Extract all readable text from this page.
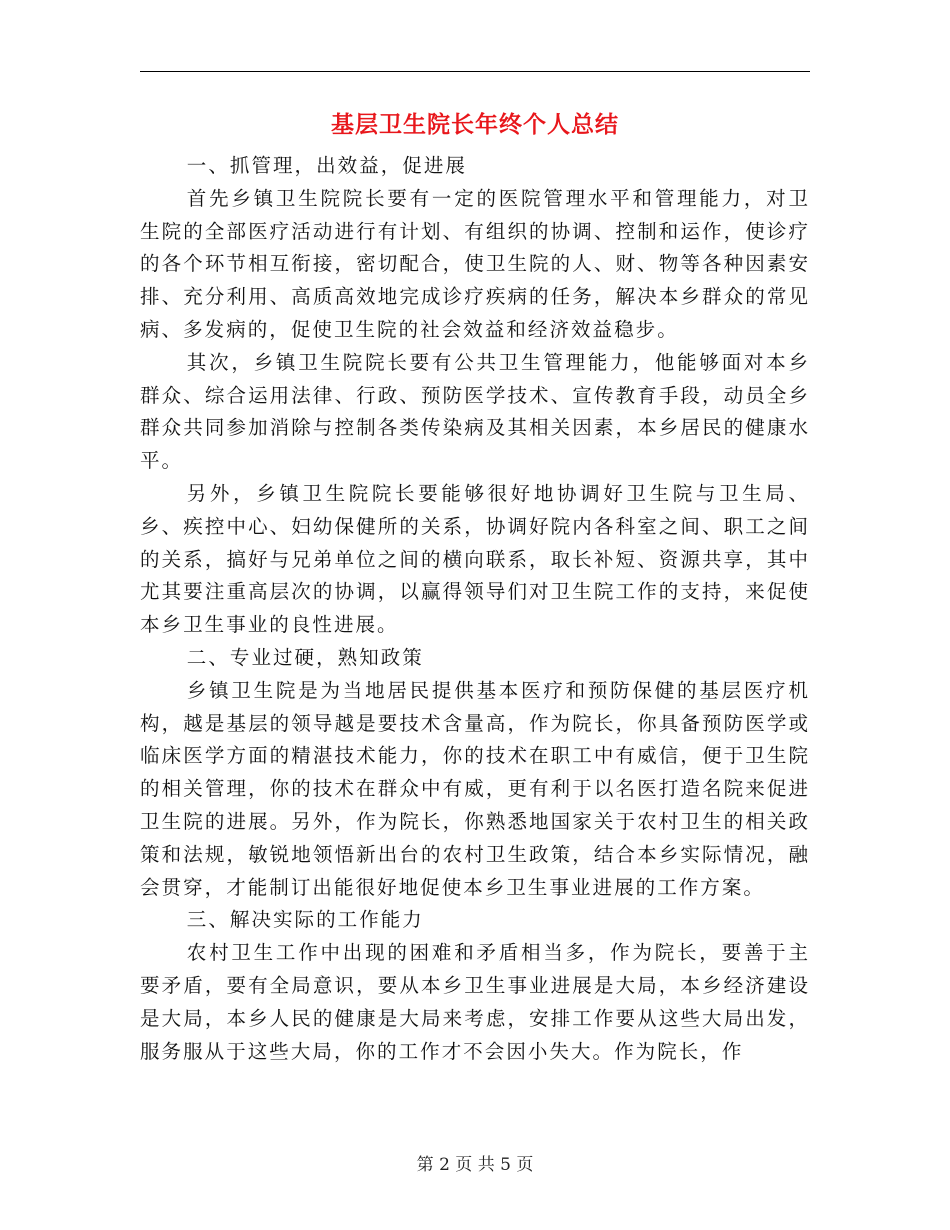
基层卫生院长年终个人总结

一、抓管理，出效益，促进展

首先乡镇卫生院院长要有一定的医院管理水平和管理能力，对卫生院的全部医疗活动进行有计划、有组织的协调、控制和运作，使诊疗的各个环节相互衔接，密切配合，使卫生院的人、财、物等各种因素安排、充分利用、高质高效地完成诊疗疾病的任务，解决本乡群众的常见病、多发病的，促使卫生院的社会效益和经济效益稳步。

其次，乡镇卫生院院长要有公共卫生管理能力，他能够面对本乡群众、综合运用法律、行政、预防医学技术、宣传教育手段，动员全乡群众共同参加消除与控制各类传染病及其相关因素，本乡居民的健康水平。

另外，乡镇卫生院院长要能够很好地协调好卫生院与卫生局、乡、疾控中心、妇幼保健所的关系，协调好院内各科室之间、职工之间的关系，搞好与兄弟单位之间的横向联系，取长补短、资源共享，其中尤其要注重高层次的协调，以赢得领导们对卫生院工作的支持，来促使本乡卫生事业的良性进展。

二、专业过硬，熟知政策

乡镇卫生院是为当地居民提供基本医疗和预防保健的基层医疗机构，越是基层的领导越是要技术含量高，作为院长，你具备预防医学或临床医学方面的精湛技术能力，你的技术在职工中有威信，便于卫生院的相关管理，你的技术在群众中有威，更有利于以名医打造名院来促进卫生院的进展。另外，作为院长，你熟悉地国家关于农村卫生的相关政策和法规，敏锐地领悟新出台的农村卫生政策，结合本乡实际情况，融会贯穿，才能制订出能很好地促使本乡卫生事业进展的工作方案。

三、解决实际的工作能力

农村卫生工作中出现的困难和矛盾相当多，作为院长，要善于主要矛盾，要有全局意识，要从本乡卫生事业进展是大局，本乡经济建设是大局，本乡人民的健康是大局来考虑，安排工作要从这些大局出发，服务服从于这些大局，你的工作才不会因小失大。作为院长，作

第 2 页 共 5 页
